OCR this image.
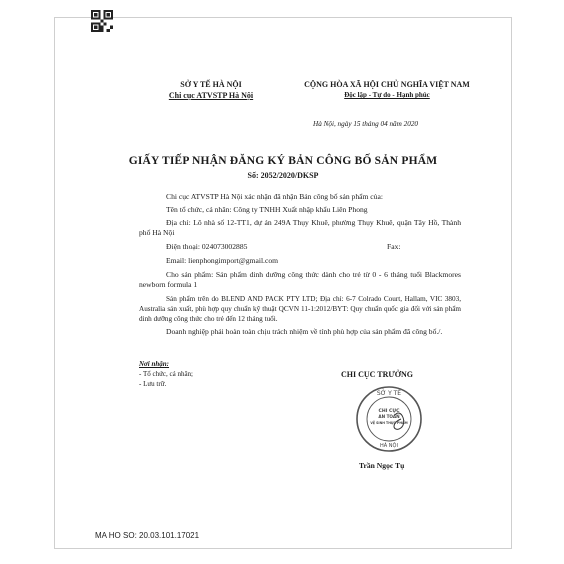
SỞ Y TẾ HÀ NỘI
Chi cục ATVSTP Hà Nội
CỘNG HÒA XÃ HỘI CHỦ NGHĨA VIỆT NAM
Độc lập - Tự do - Hạnh phúc
Hà Nội, ngày 15 tháng 04 năm 2020
GIẤY TIẾP NHẬN ĐĂNG KÝ BẢN CÔNG BỐ SẢN PHẨM
Số: 2052/2020/DKSP
Chi cục ATVSTP Hà Nội xác nhận đã nhận Bản công bố sản phẩm của:
Tên tổ chức, cá nhân: Công ty TNHH Xuất nhập khẩu Liên Phong
Địa chỉ: Lô nhà số 12-TT1, dự án 249A Thụy Khuê, phường Thụy Khuê, quận Tây Hồ, Thành phố Hà Nội
Điện thoại: 02407300288​5	Fax:
Email: lienphongimport@gmail.com
Cho sản phẩm: Sản phẩm dinh dưỡng công thức dành cho trẻ từ 0 - 6 tháng tuổi Blackmores newborn formula 1
Sản phẩm trên do BLEND AND PACK PTY LTD; Địa chỉ: 6-7 Colrado Court, Hallam, VIC 3803, Australia sản xuất, phù hợp quy chuẩn kỹ thuật QCVN 11-1:2012/BYT: Quy chuẩn quốc gia đối với sản phẩm dinh dưỡng công thức cho trẻ đến 12 tháng tuổi.
Doanh nghiệp phải hoàn toàn chịu trách nhiệm về tính phù hợp của sản phẩm đã công bố./.
Nơi nhận:
- Tổ chức, cá nhân;
- Lưu trữ.
CHI CỤC TRƯỞNG
SỞ Y TẾ
CHI CỤC
AN TOÀN
VỆ SINH THỰC PHẨM
HÀ NỘI
Trần Ngọc Tụ
MA HO SO: 20.03.101.17021
